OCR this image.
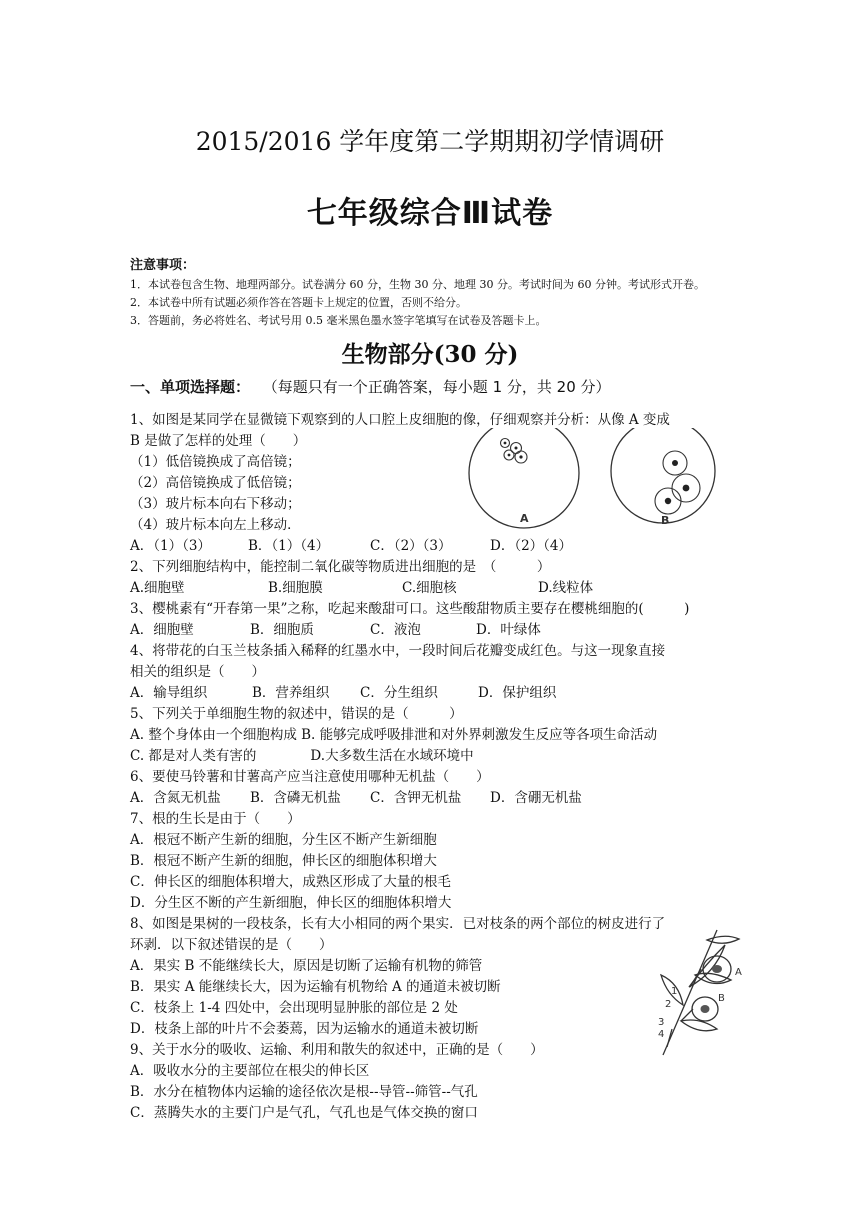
2015/2016 学年度第二学期期初学情调研
七年级综合Ⅲ试卷
注意事项：
1．本试卷包含生物、地理两部分。试卷满分 60 分，生物 30 分、地理 30 分。考试时间为 60 分钟。考试形式开卷。
2．本试卷中所有试题必须作答在答题卡上规定的位置，否则不给分。
3．答题前，务必将姓名、考试号用 0.5 毫米黑色墨水签字笔填写在试卷及答题卡上。
生物部分(30 分)
一、单项选择题： （每题只有一个正确答案，每小题 1 分，共 20 分）
1、如图是某同学在显微镜下观察到的人口腔上皮细胞的像，仔细观察并分析：从像 A 变成
B 是做了怎样的处理（　　）
（1）低倍镜换成了高倍镜；
（2）高倍镜换成了低倍镜；
（3）玻片标本向右下移动；
（4）玻片标本向左上移动．
A．（1）（3）	B．（1）（4）	C．（2）（3）	D．（2）（4）
A	B
2、下列细胞结构中，能控制二氧化碳等物质进出细胞的是　（　　　）
A.细胞壁	B.细胞膜	C.细胞核	D.线粒体
3、樱桃素有“开春第一果”之称，吃起来酸甜可口。这些酸甜物质主要存在樱桃细胞的(　　　)
A．细胞壁	B．细胞质	C．液泡	D．叶绿体
4、将带花的白玉兰枝条插入稀释的红墨水中，一段时间后花瓣变成红色。与这一现象直接
相关的组织是（　　）
A．输导组织	B．营养组织 C．分生组织	D．保护组织
5、下列关于单细胞生物的叙述中，错误的是（　　　）
A. 整个身体由一个细胞构成 B. 能够完成呼吸排泄和对外界刺激发生反应等各项生命活动
C. 都是对人类有害的　　　　D.大多数生活在水域环境中
6、要使马铃薯和甘薯高产应当注意使用哪种无机盐（　　）
A．含氮无机盐 B．含磷无机盐 C．含钾无机盐 D．含硼无机盐
7、根的生长是由于（　　）
A．根冠不断产生新的细胞，分生区不断产生新细胞
B．根冠不断产生新的细胞，伸长区的细胞体积增大
C．伸长区的细胞体积增大，成熟区形成了大量的根毛
D．分生区不断的产生新细胞，伸长区的细胞体积增大
8、如图是果树的一段枝条，长有大小相同的两个果实．已对枝条的两个部位的树皮进行了
环剥．以下叙述错误的是（　　）
A．果实 B 不能继续长大，原因是切断了运输有机物的筛管
B．果实 A 能继续长大，因为运输有机物给 A 的通道未被切断
C．枝条上 1-4 四处中，会出现明显肿胀的部位是 2 处
D．枝条上部的叶片不会萎蔫，因为运输水的通道未被切断
1
2
3
4
A
B
9、关于水分的吸收、运输、利用和散失的叙述中，正确的是（　　）
A．吸收水分的主要部位在根尖的伸长区
B．水分在植物体内运输的途径依次是根--导管--筛管--气孔
C．蒸腾失水的主要门户是气孔，气孔也是气体交换的窗口
